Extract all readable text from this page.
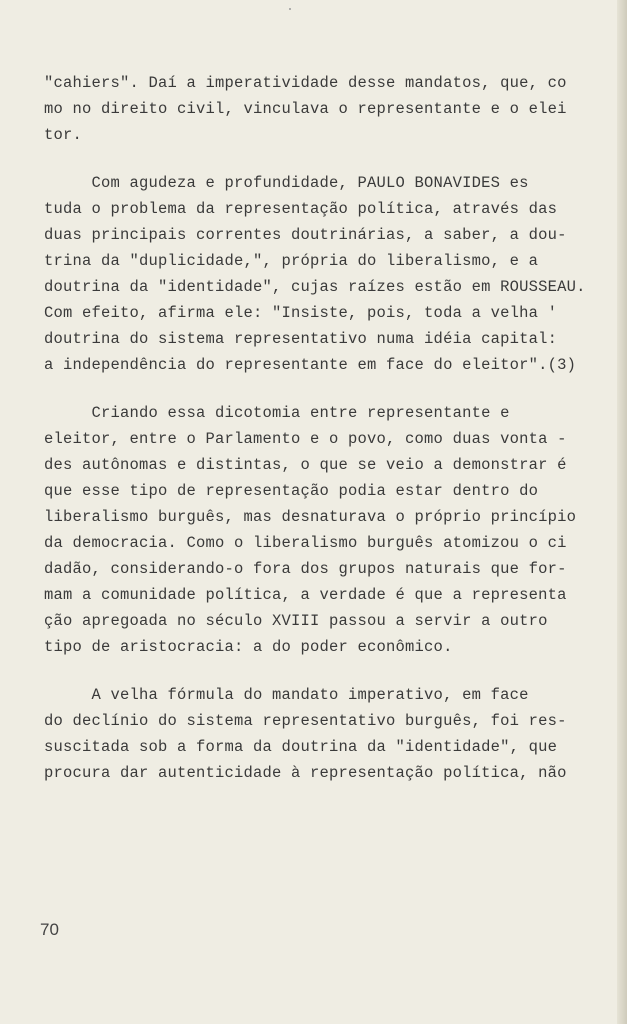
"cahiers". Daí a imperatividade desse mandatos, que, co
mo no direito civil, vinculava o representante e o elei
tor.
Com agudeza e profundidade, PAULO BONAVIDES es
tuda o problema da representação política, através das
duas principais correntes doutrinárias, a saber, a dou-
trina da "duplicidade,", própria do liberalismo, e a
doutrina da "identidade", cujas raízes estão em ROUSSEAU.
Com efeito, afirma ele: "Insiste, pois, toda a velha '
doutrina do sistema representativo numa idéia capital:
a independência do representante em face do eleitor".(3)
Criando essa dicotomia entre representante e
eleitor, entre o Parlamento e o povo, como duas vonta -
des autônomas e distintas, o que se veio a demonstrar é
que esse tipo de representação podia estar dentro do
liberalismo burguês, mas desnaturava o próprio princípio
da democracia. Como o liberalismo burguês atomizou o ci
dadão, considerando-o fora dos grupos naturais que for-
mam a comunidade política, a verdade é que a representa
ção apregoada no século XVIII passou a servir a outro
tipo de aristocracia: a do poder econômico.
A velha fórmula do mandato imperativo, em face
do declínio do sistema representativo burguês, foi res-
suscitada sob a forma da doutrina da "identidade", que
procura dar autenticidade à representação política, não
70
